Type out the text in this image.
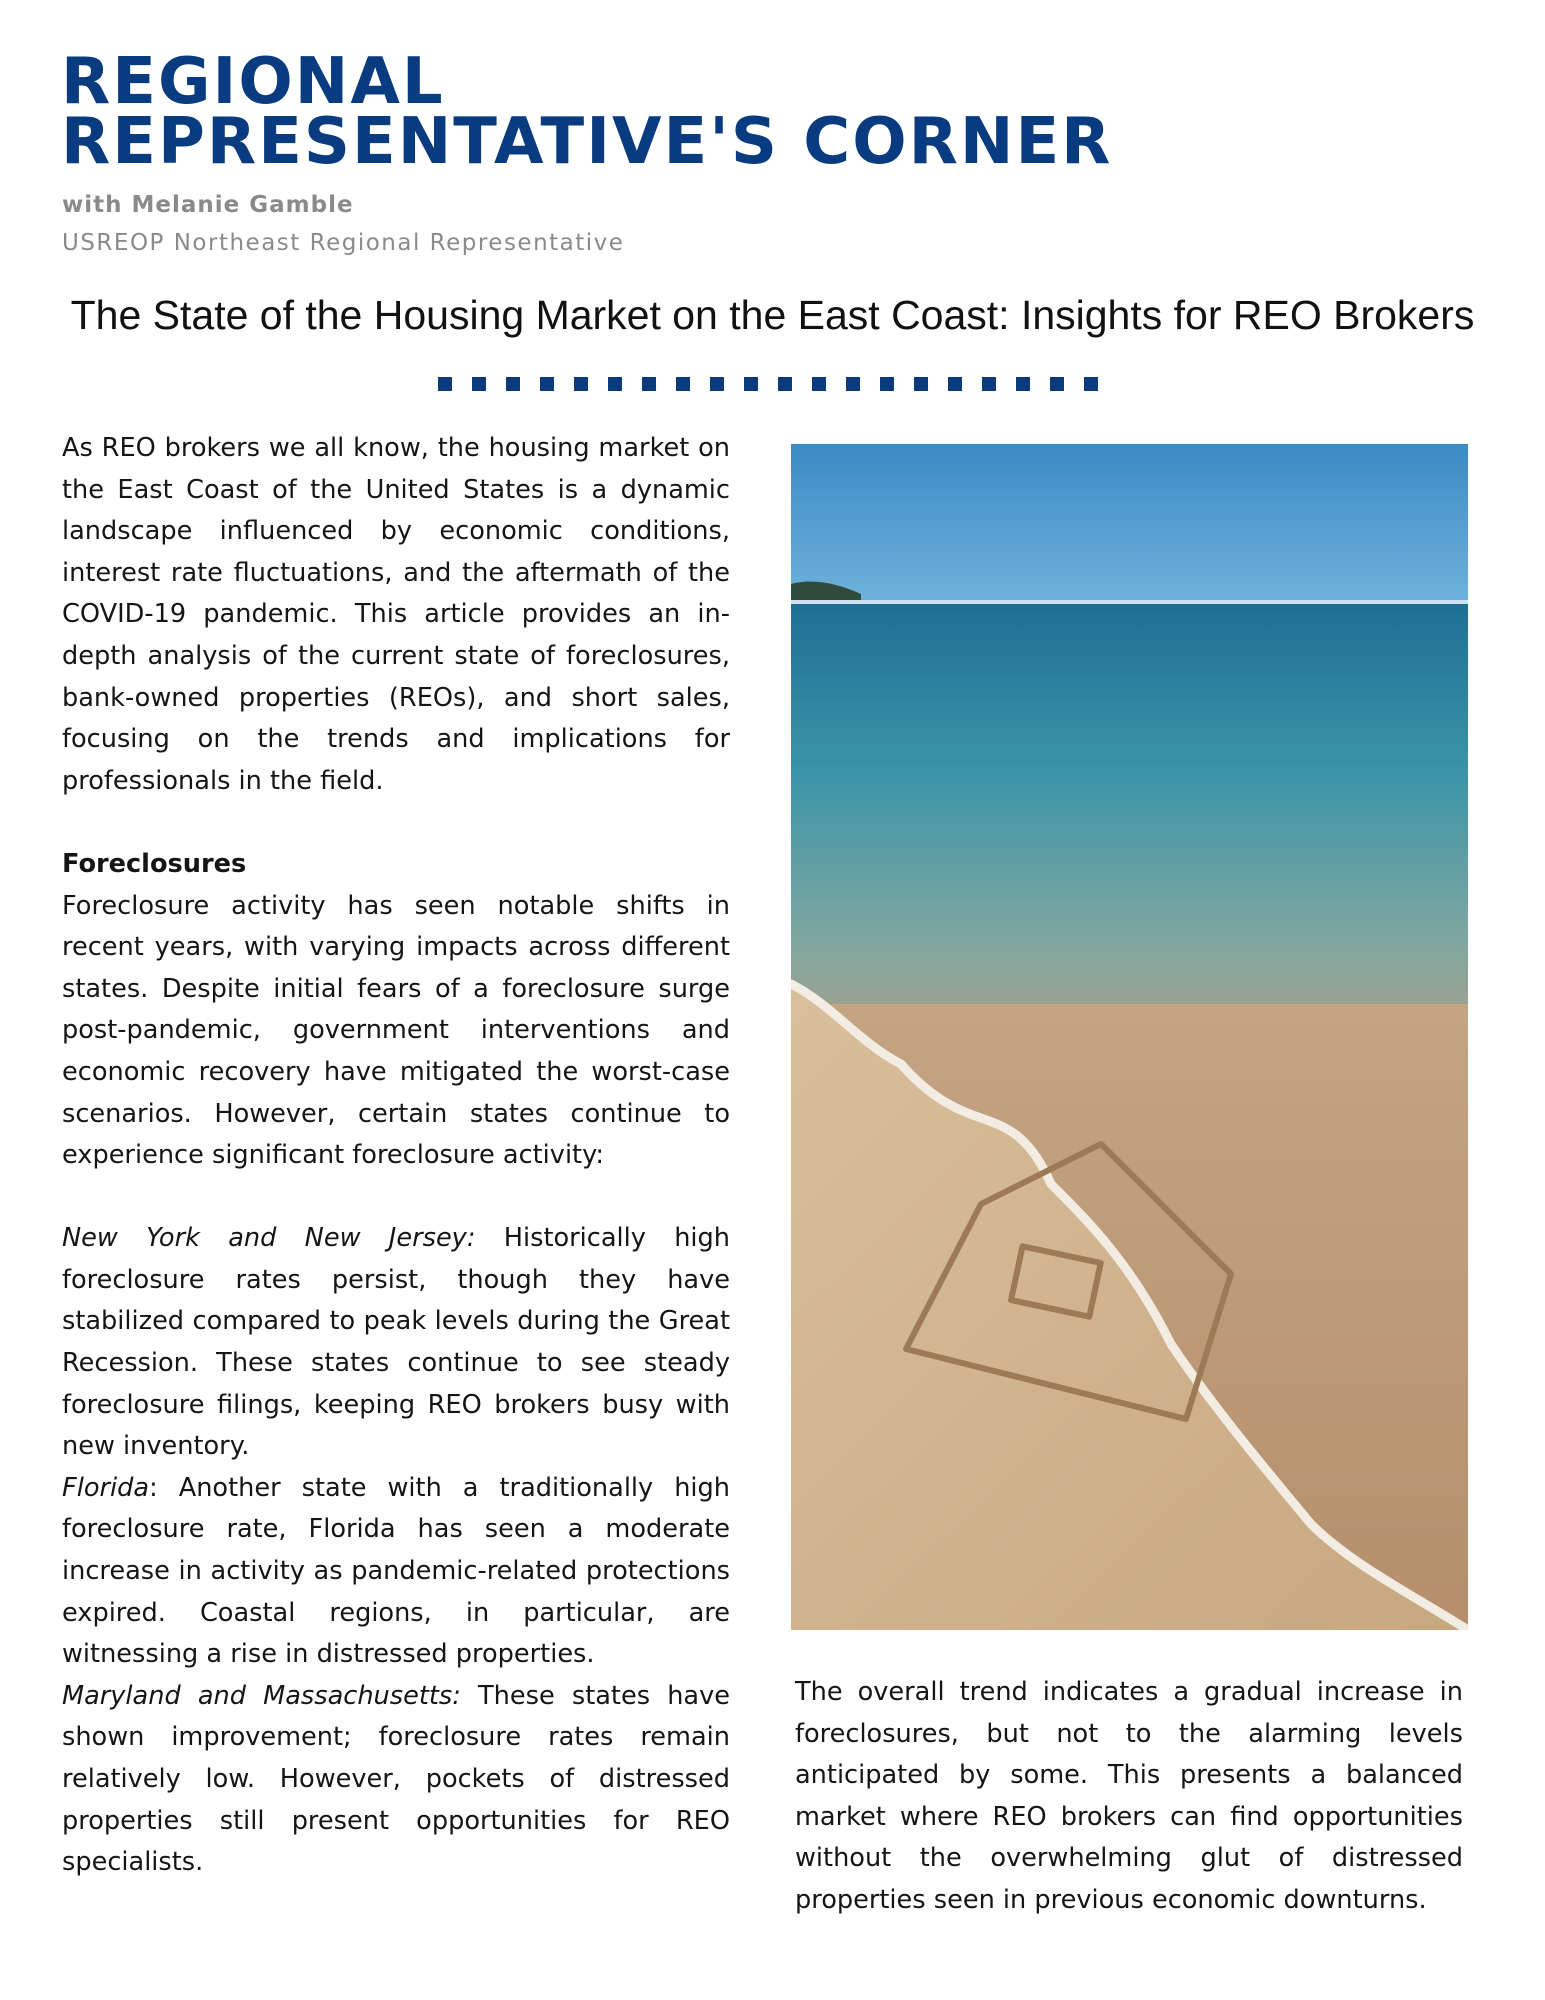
REGIONAL
REPRESENTATIVE'S CORNER
with Melanie Gamble
USREOP Northeast Regional Representative
The State of the Housing Market on the East Coast: Insights for REO Brokers

As REO brokers we all know, the housing market on the East Coast of the United States is a dynamic landscape influenced by economic conditions, interest rate fluctuations, and the aftermath of the COVID-19 pandemic. This article provides an in-depth analysis of the current state of foreclosures, bank-owned properties (REOs), and short sales, focusing on the trends and implications for professionals in the field.

Foreclosures

Foreclosure activity has seen notable shifts in recent years, with varying impacts across different states. Despite initial fears of a foreclosure surge post-pandemic, government interventions and economic recovery have mitigated the worst-case scenarios. However, certain states continue to experience significant foreclosure activity:

New York and New Jersey: Historically high foreclosure rates persist, though they have stabilized compared to peak levels during the Great Recession. These states continue to see steady foreclosure filings, keeping REO brokers busy with new inventory.

Florida: Another state with a traditionally high foreclosure rate, Florida has seen a moderate increase in activity as pandemic-related protections expired. Coastal regions, in particular, are witnessing a rise in distressed properties.

Maryland and Massachusetts: These states have shown improvement; foreclosure rates remain relatively low. However, pockets of distressed properties still present opportunities for REO specialists.

The overall trend indicates a gradual increase in foreclosures, but not to the alarming levels anticipated by some. This presents a balanced market where REO brokers can find opportunities without the overwhelming glut of distressed properties seen in previous economic downturns.
